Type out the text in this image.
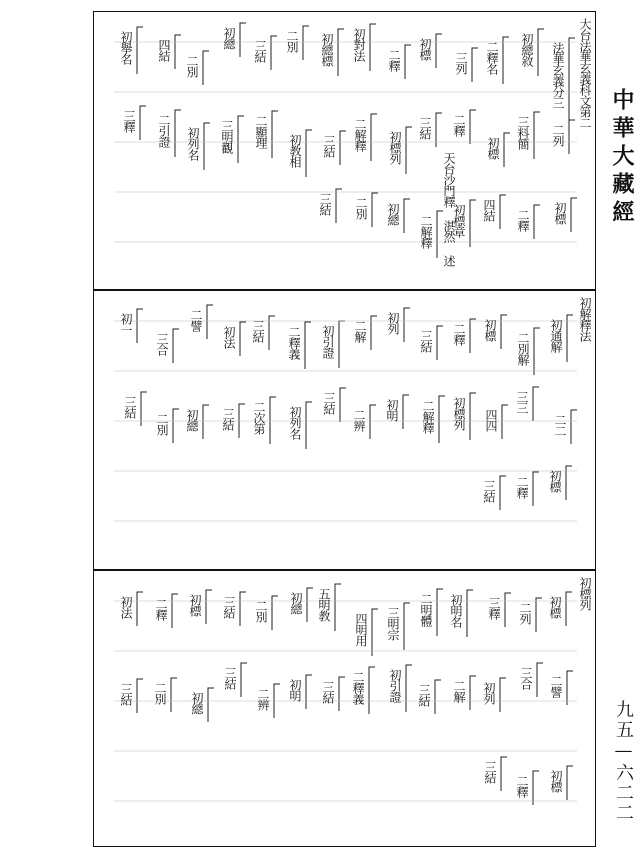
大台法華玄義科文第二
天台沙門釋 湛然 述
法華玄義分三
初總敘
二釋名
三列
初標
二釋
初對法
初總標
二別
三結
初總
二別
四結
初舉名
二列
三料簡
初標
二釋
三結
初標列
二解釋
三結
初教相
二顯理
三明觀
初列名
二引證
三釋
初標
二釋
四結
初標章
二解釋
初總
二別
三結
初解釋法
初通解
二別解
初標
二釋
三結
初列
二解
初引證
二釋義
三結
初法
二譬
三合
初一
二二
三三
四四
初標列
二解釋
初明
二辨
三結
初列名
二次第
三結
初總
二別
三結
初標
二釋
三結
初標列
初標
二列
三釋
初明名
二明體
三明宗
四明用
五明教
初總
二別
三結
初標
二釋
初法
二譬
三合
初列
二解
三結
初引證
二釋義
三結
初明
二辨
三結
初總
二別
三結
初標
二釋
三結
中華大藏經
九五—六二二
